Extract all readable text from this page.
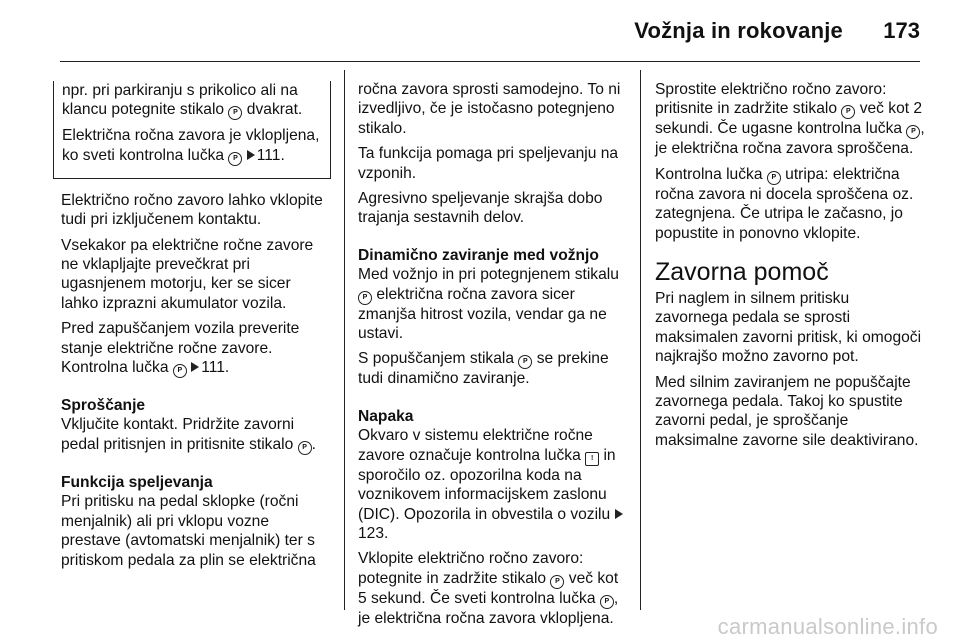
Vožnja in rokovanje 173

npr. pri parkiranju s prikolico ali na klancu potegnite stikalo P dvakrat.

Električna ročna zavora je vklopljena, ko sveti kontrolna lučka P 111.

Električno ročno zavoro lahko vklopite tudi pri izključenem kontaktu.

Vsekakor pa električne ročne zavore ne vklapljajte prevečkrat pri ugasnjenem motorju, ker se sicer lahko izprazni akumulator vozila.

Pred zapuščanjem vozila preverite stanje električne ročne zavore. Kontrolna lučka P 111.

Sproščanje

Vključite kontakt. Pridržite zavorni pedal pritisnjen in pritisnite stikalo P .

Funkcija speljevanja

Pri pritisku na pedal sklopke (ročni menjalnik) ali pri vklopu vozne prestave (avtomatski menjalnik) ter s pritiskom pedala za plin se električna

ročna zavora sprosti samodejno. To ni izvedljivo, če je istočasno potegnjeno stikalo.

Ta funkcija pomaga pri speljevanju na vzponih.

Agresivno speljevanje skrajša dobo trajanja sestavnih delov.

Dinamično zaviranje med vožnjo

Med vožnjo in pri potegnjenem stikalu P električna ročna zavora sicer zmanjša hitrost vozila, vendar ga ne ustavi.

S popuščanjem stikala P se prekine tudi dinamično zaviranje.

Napaka

Okvaro v sistemu električne ročne zavore označuje kontrolna lučka ! in sporočilo oz. opozorilna koda na voznikovem informacijskem zaslonu (DIC). Opozorila in obvestila o vozilu 123.

Vklopite električno ročno zavoro: potegnite in zadržite stikalo P več kot 5 sekund. Če sveti kontrolna lučka P , je električna ročna zavora vklopljena.

Sprostite električno ročno zavoro: pritisnite in zadržite stikalo P več kot 2 sekundi. Če ugasne kontrolna lučka P , je električna ročna zavora sproščena.

Kontrolna lučka P utripa: električna ročna zavora ni docela sproščena oz. zategnjena. Če utripa le začasno, jo popustite in ponovno vklopite.

Zavorna pomoč

Pri naglem in silnem pritisku zavornega pedala se sprosti maksimalen zavorni pritisk, ki omogoči najkrajšo možno zavorno pot.

Med silnim zaviranjem ne popuščajte zavornega pedala. Takoj ko spustite zavorni pedal, je sproščanje maksimalne zavorne sile deaktivirano.

carmanualsonline.info
